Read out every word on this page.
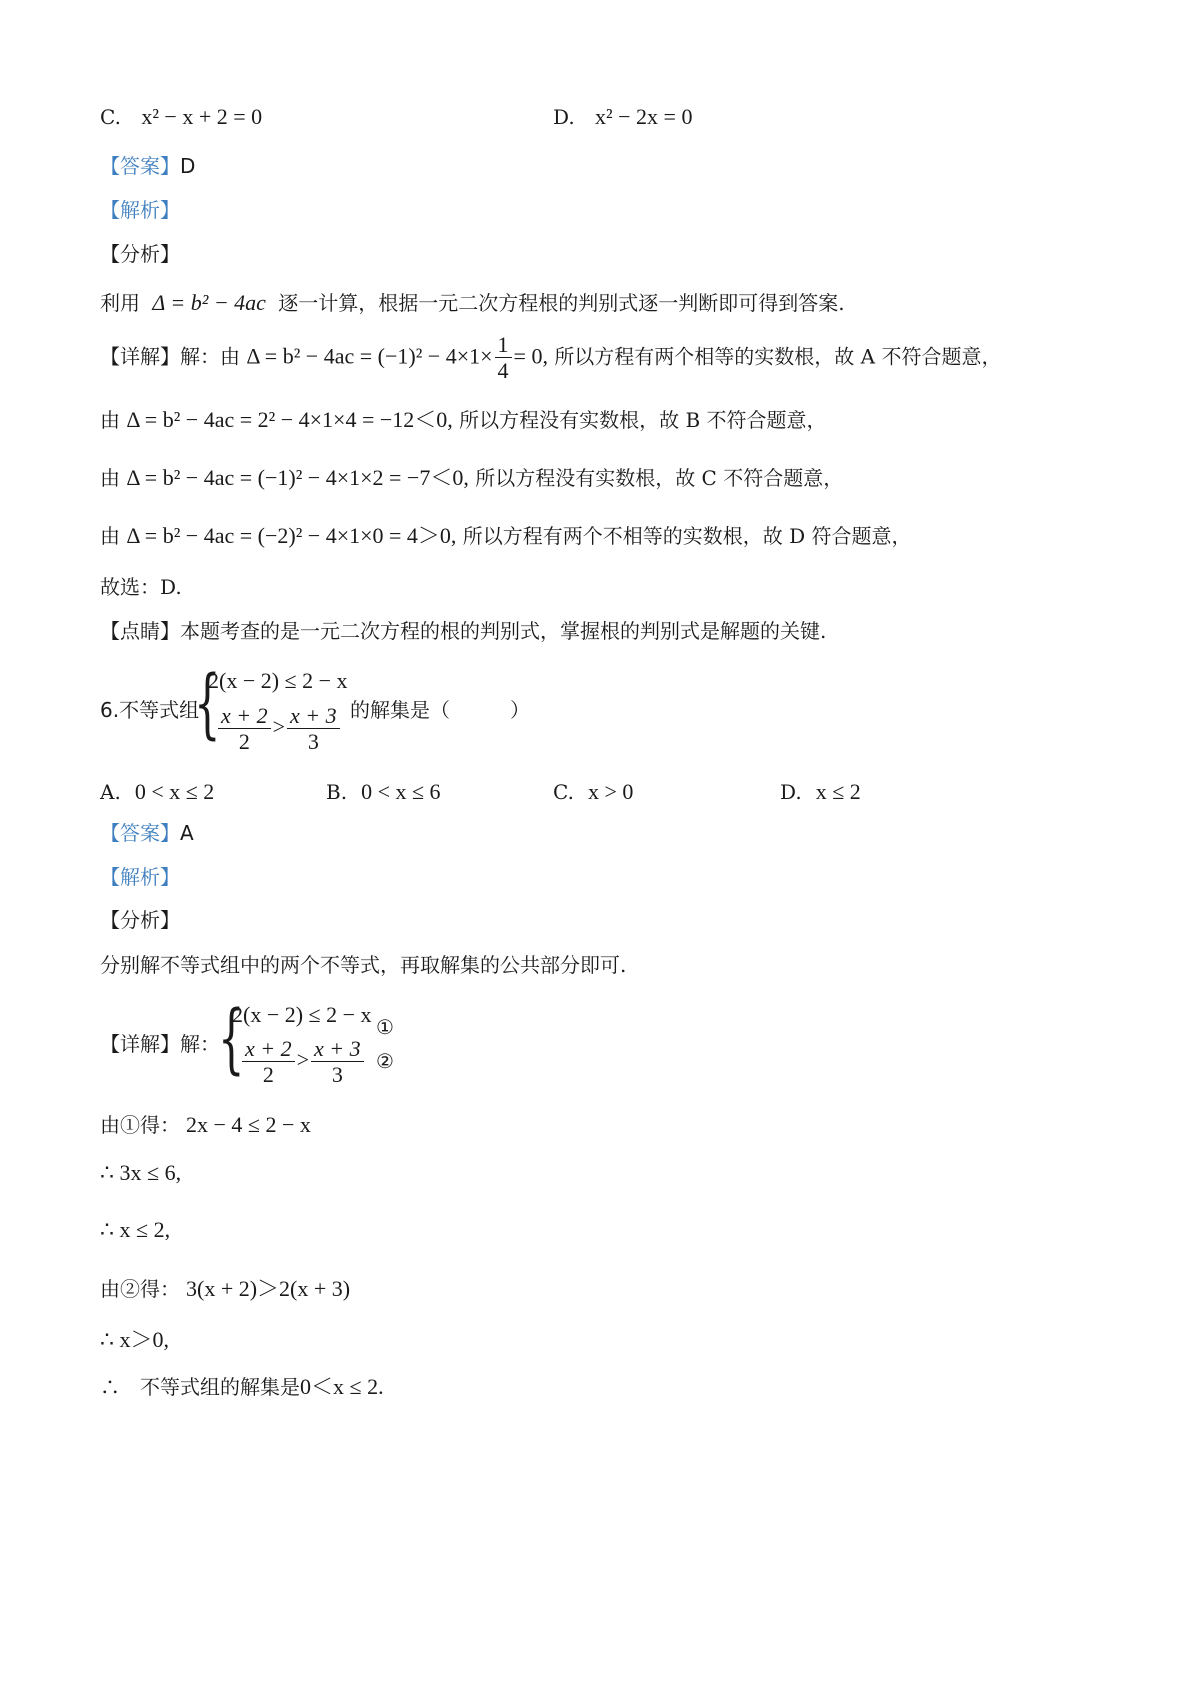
C. x² − x + 2 = 0	D. x² − 2x = 0
【答案】D
【解析】
【分析】
利用 Δ = b² − 4ac 逐一计算，根据一元二次方程根的判别式逐一判断即可得到答案.
【详解】解：由 $\Delta = b^2 - 4ac = (-1)^2 - 4\times 1\times \frac{1}{4} = 0$, 所以方程有两个相等的实数根，故 A 不符合题意，
由 Δ = b² − 4ac = 2² − 4×1×4 = −12＜0, 所以方程没有实数根，故 B 不符合题意，
由 Δ = b² − 4ac = (−1)² − 4×1×2 = −7＜0, 所以方程没有实数根，故 C 不符合题意，
由 Δ = b² − 4ac = (−2)² − 4×1×0 = 4＞0, 所以方程有两个不相等的实数根，故 D 符合题意，
故选：D.
【点睛】本题考查的是一元二次方程的根的判别式，掌握根的判别式是解题的关键.
6.不等式组
{
2(x − 2) ≤ 2 − x
$\frac{x + 2}{2} > \frac{x + 3}{3}$ 的解集是（　　　）
A. 0 < x ≤ 2	B. 0 < x ≤ 6	C. x > 0	D. x ≤ 2
【答案】A
【解析】
【分析】
分别解不等式组中的两个不等式，再取解集的公共部分即可.
【详解】解：
{
2(x − 2) ≤ 2 − x
$\frac{x + 2}{2} > \frac{x + 3}{3}$
①
②
由①得： 2x − 4 ≤ 2 − x
∴ 3x ≤ 6,
∴ x ≤ 2,
由②得： 3(x + 2)＞2(x + 3)
∴ x＞0,
∴　不等式组的解集是0＜x ≤ 2.
